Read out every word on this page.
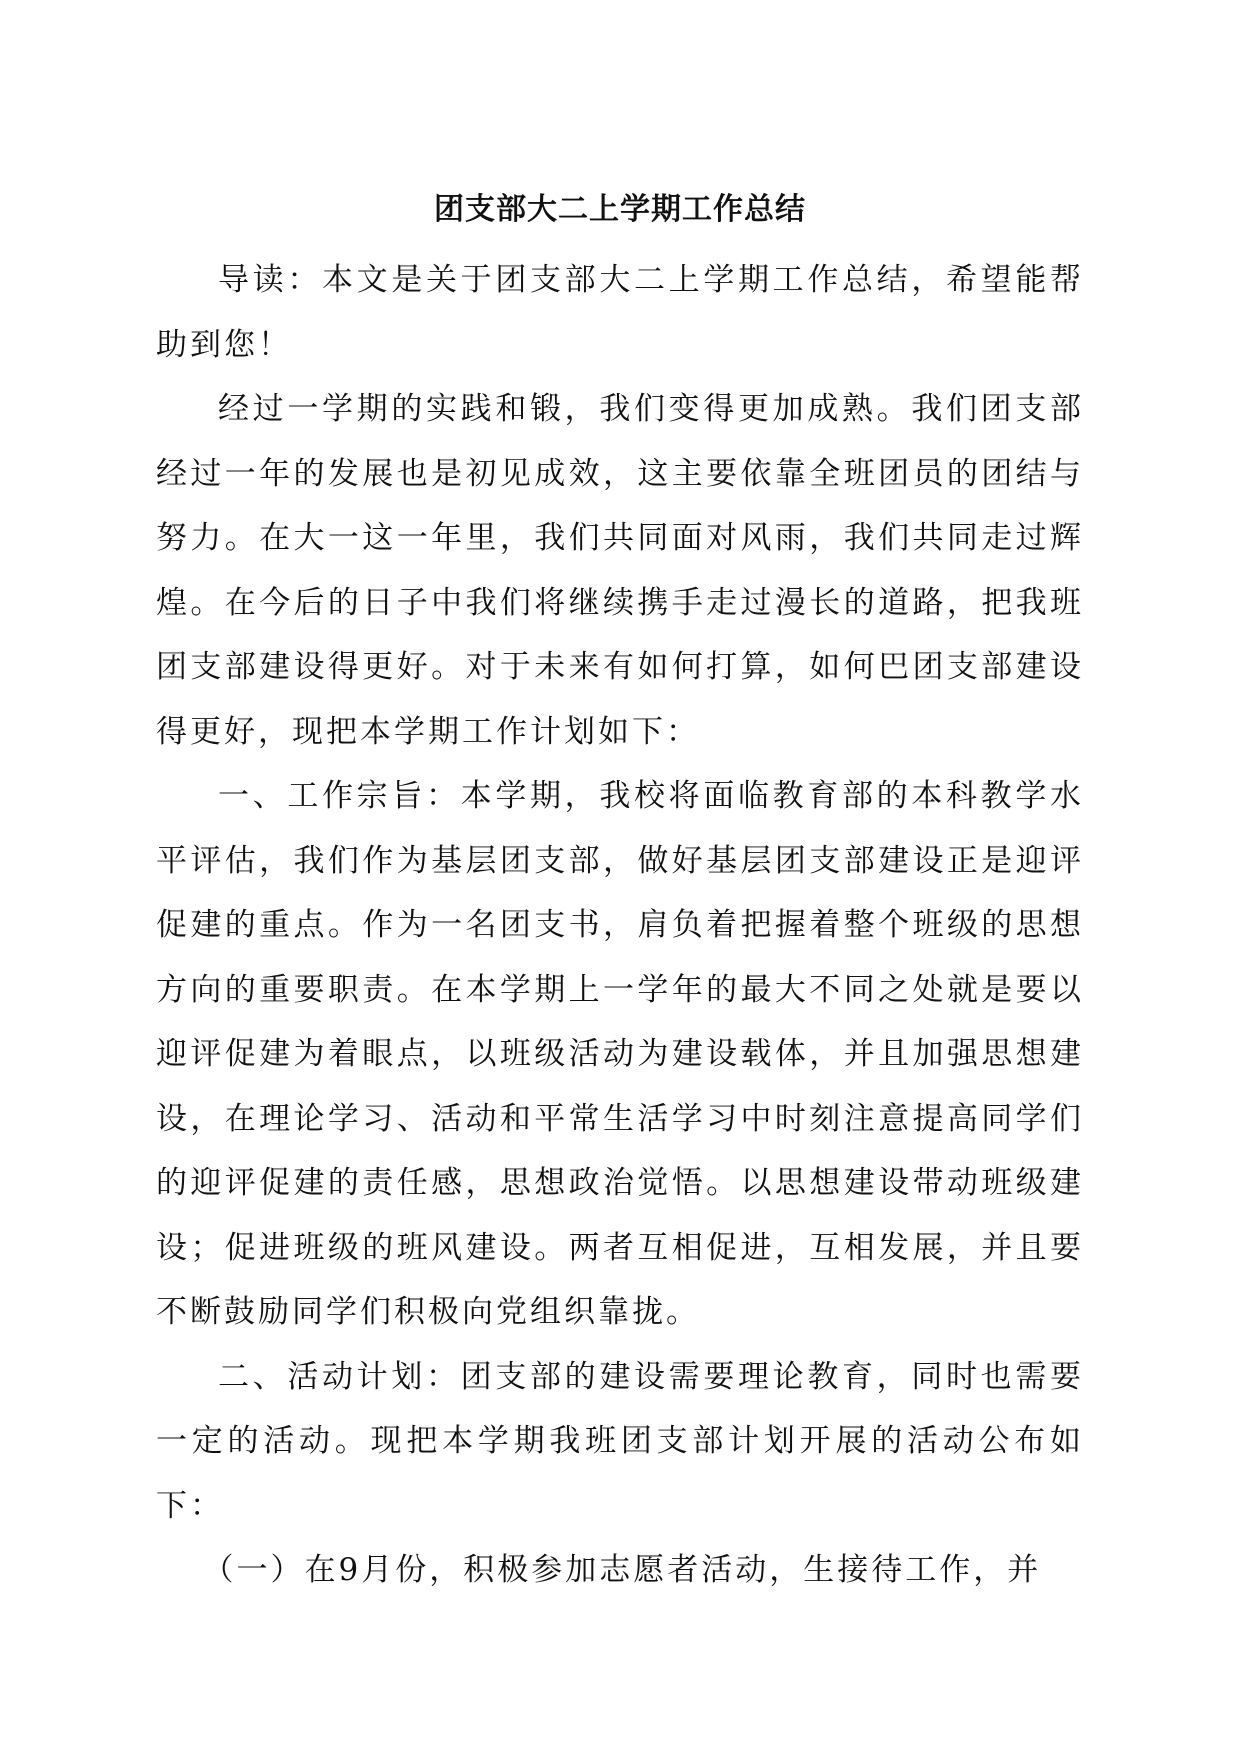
团支部大二上学期工作总结

导读：本文是关于团支部大二上学期工作总结，希望能帮助到您！

经过一学期的实践和锻，我们变得更加成熟。我们团支部经过一年的发展也是初见成效，这主要依靠全班团员的团结与努力。在大一这一年里，我们共同面对风雨，我们共同走过辉煌。在今后的日子中我们将继续携手走过漫长的道路，把我班团支部建设得更好。对于未来有如何打算，如何巴团支部建设得更好，现把本学期工作计划如下：

一、工作宗旨：本学期，我校将面临教育部的本科教学水平评估，我们作为基层团支部，做好基层团支部建设正是迎评促建的重点。作为一名团支书，肩负着把握着整个班级的思想方向的重要职责。在本学期上一学年的最大不同之处就是要以迎评促建为着眼点，以班级活动为建设载体，并且加强思想建设，在理论学习、活动和平常生活学习中时刻注意提高同学们的迎评促建的责任感，思想政治觉悟。以思想建设带动班级建设；促进班级的班风建设。两者互相促进，互相发展，并且要不断鼓励同学们积极向党组织靠拢。

二、活动计划：团支部的建设需要理论教育，同时也需要一定的活动。现把本学期我班团支部计划开展的活动公布如下：

（一）在9月份，积极参加志愿者活动，生接待工作，并
